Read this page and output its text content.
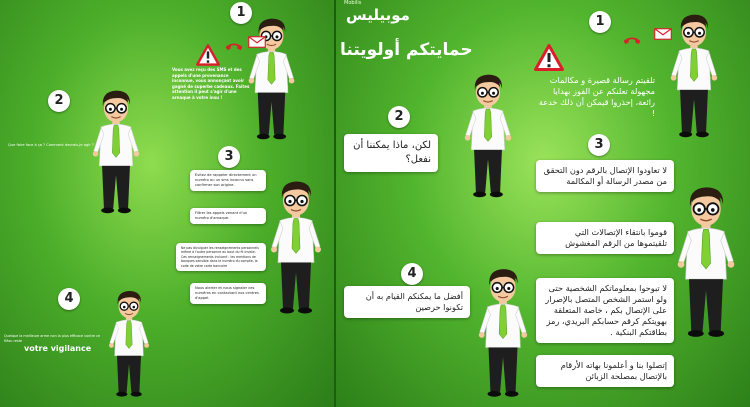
1
Vous avez reçu des SMS et des appels d'une provenance inconnue, vous annonçant avoir gagné de superbe cadeaux. Faites attention il peut s'agir d'une arnaque à votre insu !
2
Que faire face à ça ? Comment devrais-je agir ?
3
Evitez de rappeler directement un numéro ou un sms inconnu sans confirmer son origine.
Filtrer les appels venant d'un numéro d'arnaque.
Ne pas divulguer les renseignements personnels même à l'autre personne au bout du fil insiste. Ces renseignements incluent : les mentions de banques sensible dans le numéro du compte, le code de votre carte bancaire
Nous alerter et nous signaler ces numéros en contactant nos centres d'appel.
4
Quelque la meilleure arme non la plus efficace contre ce fléau reste
votre vigilance
Mobilis
موبيليس
حمايتكم أولويتنا
1
تلقيتم رسالة قصيرة و مكالمات مجهولة تعلنكم عن الفوز بهدايا رائعة، إحذروا قيمكن أن ذلك خدعة !
2
لكن، ماذا يمكننا أن نفعل؟
3
لا تعاودوا الإتصال بالرقم دون التحقق من مصدر الرسالة أو المكالمة
قوموا بانتقاء الإتصالات التي تلقيتموها من الرقم المغشوش
لا تبوحوا بمعلوماتكم الشخصية حتى ولو استمر الشخص المتصل بالإصرار على الإتصال بكم ، خاصة المتعلقة بهويتكم كرقم حسابكم البريدي، رمز بطاقتكم البنكية .
إتصلوا بنا و أعلمونا بهاته الأرقام بالإتصال بمصلحة الزبائن
4
أفضل ما يمكنكم القيام به أن تكونوا حرصين
